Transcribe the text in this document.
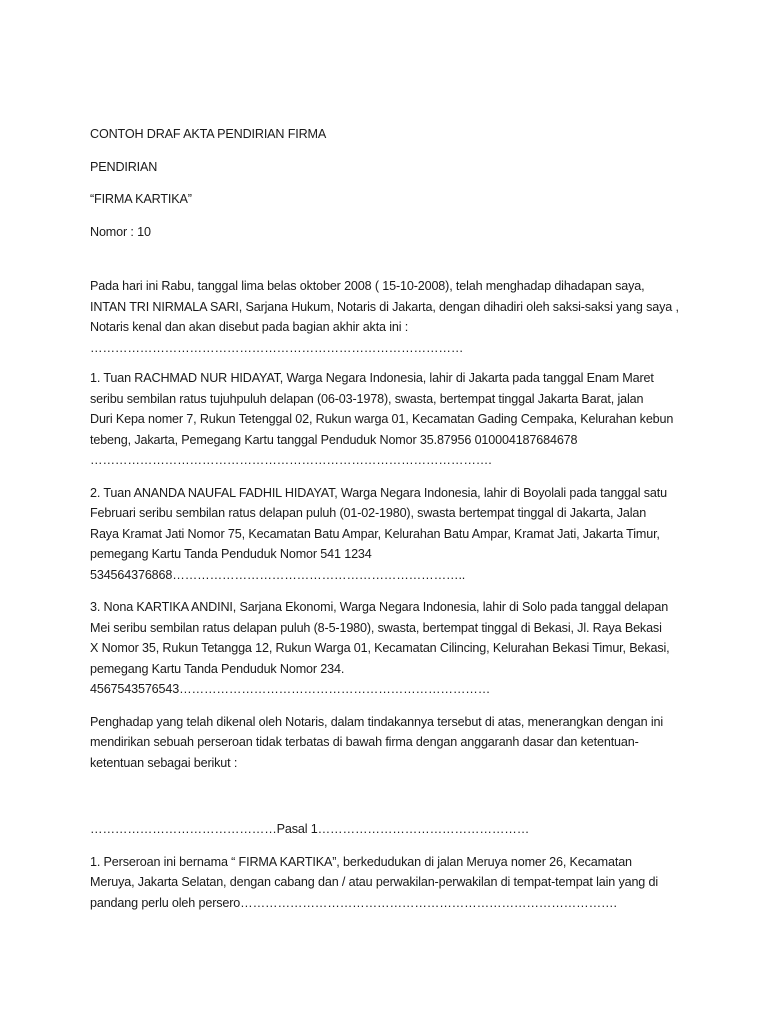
CONTOH DRAF AKTA PENDIRIAN FIRMA

PENDIRIAN

“FIRMA KARTIKA”

Nomor : 10

Pada hari ini Rabu, tanggal lima belas oktober 2008 ( 15-10-2008), telah menghadap dihadapan saya,

INTAN TRI NIRMALA SARI, Sarjana Hukum, Notaris di Jakarta, dengan dihadiri oleh saksi-saksi yang saya ,

Notaris kenal dan akan disebut pada bagian akhir akta ini :

………………………………………………………………………………

1. Tuan RACHMAD NUR HIDAYAT, Warga Negara Indonesia, lahir di Jakarta pada tanggal Enam Maret

seribu sembilan ratus tujuhpuluh delapan (06-03-1978), swasta, bertempat tinggal Jakarta Barat, jalan

Duri Kepa nomer 7, Rukun Tetenggal 02, Rukun warga 01, Kecamatan Gading Cempaka, Kelurahan kebun

tebeng, Jakarta, Pemegang Kartu tanggal Penduduk Nomor 35.87956 010004187684678

…………………………………………………………………………………….

2. Tuan ANANDA NAUFAL FADHIL HIDAYAT, Warga Negara Indonesia, lahir di Boyolali pada tanggal satu

Februari seribu sembilan ratus delapan puluh (01-02-1980), swasta bertempat tinggal di Jakarta, Jalan

Raya Kramat Jati Nomor 75, Kecamatan Batu Ampar, Kelurahan Batu Ampar, Kramat Jati, Jakarta Timur,

pemegang Kartu Tanda Penduduk Nomor 541 1234

534564376868……………………………………………………………..

3. Nona KARTIKA ANDINI, Sarjana Ekonomi, Warga Negara Indonesia, lahir di Solo pada tanggal delapan

Mei seribu sembilan ratus delapan puluh (8-5-1980), swasta, bertempat tinggal di Bekasi, Jl. Raya Bekasi

X Nomor 35, Rukun Tetangga 12, Rukun Warga 01, Kecamatan Cilincing, Kelurahan Bekasi Timur, Bekasi,

pemegang Kartu Tanda Penduduk Nomor 234.

4567543576543…………………………………………………………………

Penghadap yang telah dikenal oleh Notaris, dalam tindakannya tersebut di atas, menerangkan dengan ini

mendirikan sebuah perseroan tidak terbatas di bawah firma dengan anggaranh dasar dan ketentuan-

ketentuan sebagai berikut :

………………………………………Pasal 1……………………………………………

1. Perseroan ini bernama “ FIRMA KARTIKA”, berkedudukan di jalan Meruya nomer 26, Kecamatan

Meruya, Jakarta Selatan, dengan cabang dan / atau perwakilan-perwakilan di tempat-tempat lain yang di

pandang perlu oleh persero……………………………………………………………………………….
